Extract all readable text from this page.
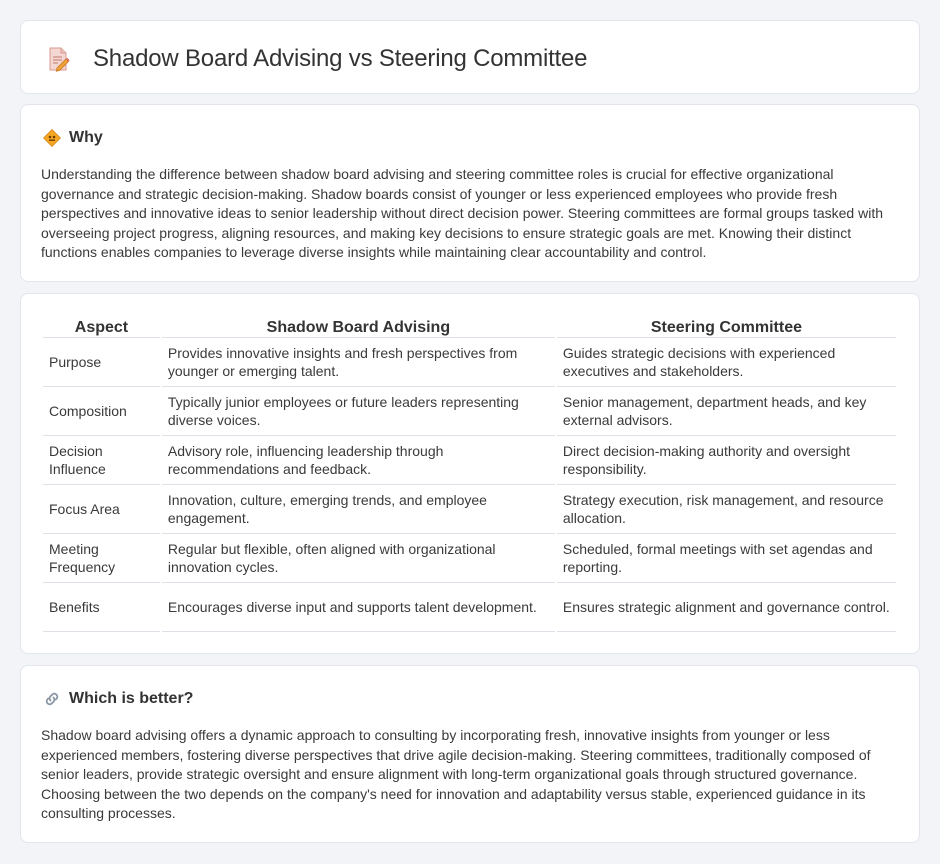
Shadow Board Advising vs Steering Committee
Why

Understanding the difference between shadow board advising and steering committee roles is crucial for effective organizational governance and strategic decision-making. Shadow boards consist of younger or less experienced employees who provide fresh perspectives and innovative ideas to senior leadership without direct decision power. Steering committees are formal groups tasked with overseeing project progress, aligning resources, and making key decisions to ensure strategic goals are met. Knowing their distinct functions enables companies to leverage diverse insights while maintaining clear accountability and control.

Aspect	Shadow Board Advising	Steering Committee
Purpose	Provides innovative insights and fresh perspectives from younger or emerging talent.	Guides strategic decisions with experienced executives and stakeholders.
Composition	Typically junior employees or future leaders representing diverse voices.	Senior management, department heads, and key external advisors.
Decision Influence	Advisory role, influencing leadership through recommendations and feedback.	Direct decision-making authority and oversight responsibility.
Focus Area	Innovation, culture, emerging trends, and employee engagement.	Strategy execution, risk management, and resource allocation.
Meeting Frequency	Regular but flexible, often aligned with organizational innovation cycles.	Scheduled, formal meetings with set agendas and reporting.
Benefits	Encourages diverse input and supports talent development.	Ensures strategic alignment and governance control.
Which is better?

Shadow board advising offers a dynamic approach to consulting by incorporating fresh, innovative insights from younger or less experienced members, fostering diverse perspectives that drive agile decision-making. Steering committees, traditionally composed of senior leaders, provide strategic oversight and ensure alignment with long-term organizational goals through structured governance. Choosing between the two depends on the company's need for innovation and adaptability versus stable, experienced guidance in its consulting processes.
